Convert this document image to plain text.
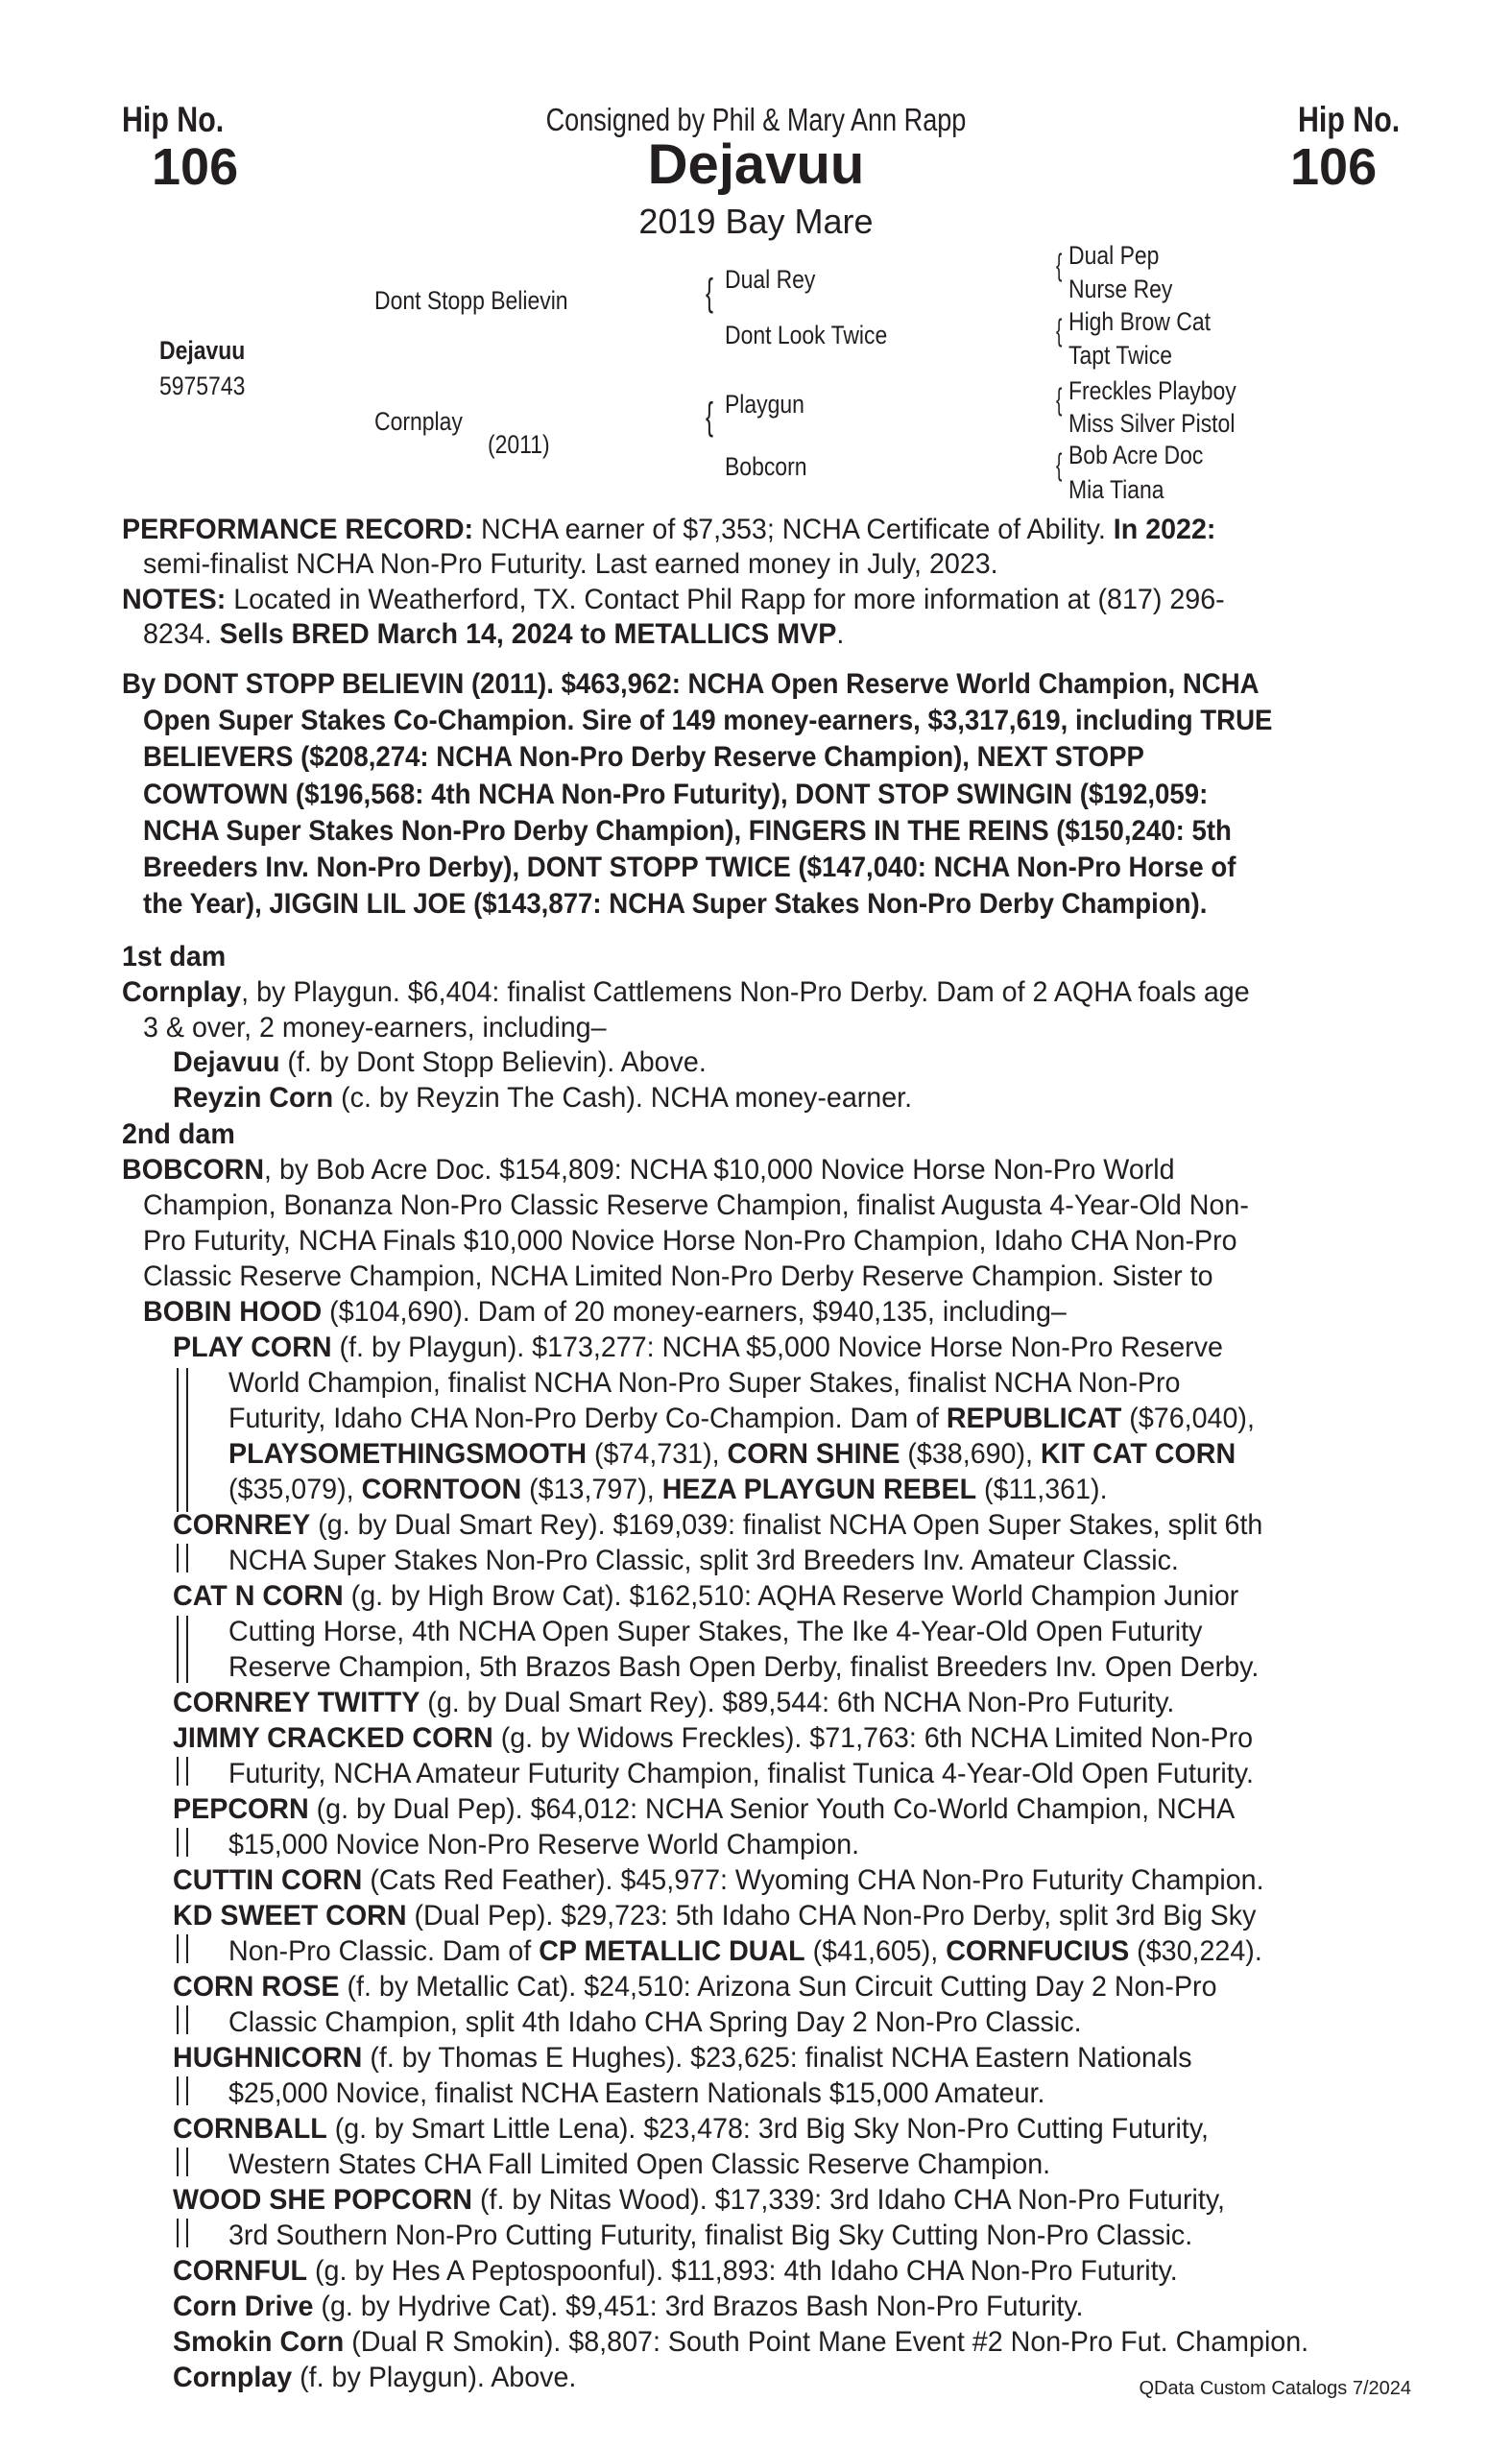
Hip No.
106
Hip No.
106
Consigned by Phil & Mary Ann Rapp
Dejavuu
2019 Bay Mare
Dejavuu
5975743
Dont Stopp Believin
Cornplay
(2011)
{ Dual Rey
Dont Look Twice
{ Playgun
Bobcorn
{ Dual Pep
Nurse Rey
{ High Brow Cat
Tapt Twice
{ Freckles Playboy
Miss Silver Pistol
{ Bob Acre Doc
Mia Tiana
PERFORMANCE RECORD: NCHA earner of $7,353; NCHA Certificate of Ability. In 2022:
semi-finalist NCHA Non-Pro Futurity. Last earned money in July, 2023.
NOTES: Located in Weatherford, TX. Contact Phil Rapp for more information at (817) 296-
8234. Sells BRED March 14, 2024 to METALLICS MVP.
By DONT STOPP BELIEVIN (2011). $463,962: NCHA Open Reserve World Champion, NCHA
Open Super Stakes Co-Champion. Sire of 149 money-earners, $3,317,619, including TRUE
BELIEVERS ($208,274: NCHA Non-Pro Derby Reserve Champion), NEXT STOPP
COWTOWN ($196,568: 4th NCHA Non-Pro Futurity), DONT STOP SWINGIN ($192,059:
NCHA Super Stakes Non-Pro Derby Champion), FINGERS IN THE REINS ($150,240: 5th
Breeders Inv. Non-Pro Derby), DONT STOPP TWICE ($147,040: NCHA Non-Pro Horse of
the Year), JIGGIN LIL JOE ($143,877: NCHA Super Stakes Non-Pro Derby Champion).
1st dam
Cornplay, by Playgun. $6,404: finalist Cattlemens Non-Pro Derby. Dam of 2 AQHA foals age
3 & over, 2 money-earners, including–
Dejavuu (f. by Dont Stopp Believin). Above.
Reyzin Corn (c. by Reyzin The Cash). NCHA money-earner.
2nd dam
BOBCORN, by Bob Acre Doc. $154,809: NCHA $10,000 Novice Horse Non-Pro World
Champion, Bonanza Non-Pro Classic Reserve Champion, finalist Augusta 4-Year-Old Non-
Pro Futurity, NCHA Finals $10,000 Novice Horse Non-Pro Champion, Idaho CHA Non-Pro
Classic Reserve Champion, NCHA Limited Non-Pro Derby Reserve Champion. Sister to
BOBIN HOOD ($104,690). Dam of 20 money-earners, $940,135, including–
PLAY CORN (f. by Playgun). $173,277: NCHA $5,000 Novice Horse Non-Pro Reserve
World Champion, finalist NCHA Non-Pro Super Stakes, finalist NCHA Non-Pro
Futurity, Idaho CHA Non-Pro Derby Co-Champion. Dam of REPUBLICAT ($76,040),
PLAYSOMETHINGSMOOTH ($74,731), CORN SHINE ($38,690), KIT CAT CORN
($35,079), CORNTOON ($13,797), HEZA PLAYGUN REBEL ($11,361).
CORNREY (g. by Dual Smart Rey). $169,039: finalist NCHA Open Super Stakes, split 6th
NCHA Super Stakes Non-Pro Classic, split 3rd Breeders Inv. Amateur Classic.
CAT N CORN (g. by High Brow Cat). $162,510: AQHA Reserve World Champion Junior
Cutting Horse, 4th NCHA Open Super Stakes, The Ike 4-Year-Old Open Futurity
Reserve Champion, 5th Brazos Bash Open Derby, finalist Breeders Inv. Open Derby.
CORNREY TWITTY (g. by Dual Smart Rey). $89,544: 6th NCHA Non-Pro Futurity.
JIMMY CRACKED CORN (g. by Widows Freckles). $71,763: 6th NCHA Limited Non-Pro
Futurity, NCHA Amateur Futurity Champion, finalist Tunica 4-Year-Old Open Futurity.
PEPCORN (g. by Dual Pep). $64,012: NCHA Senior Youth Co-World Champion, NCHA
$15,000 Novice Non-Pro Reserve World Champion.
CUTTIN CORN (Cats Red Feather). $45,977: Wyoming CHA Non-Pro Futurity Champion.
KD SWEET CORN (Dual Pep). $29,723: 5th Idaho CHA Non-Pro Derby, split 3rd Big Sky
Non-Pro Classic. Dam of CP METALLIC DUAL ($41,605), CORNFUCIUS ($30,224).
CORN ROSE (f. by Metallic Cat). $24,510: Arizona Sun Circuit Cutting Day 2 Non-Pro
Classic Champion, split 4th Idaho CHA Spring Day 2 Non-Pro Classic.
HUGHNICORN (f. by Thomas E Hughes). $23,625: finalist NCHA Eastern Nationals
$25,000 Novice, finalist NCHA Eastern Nationals $15,000 Amateur.
CORNBALL (g. by Smart Little Lena). $23,478: 3rd Big Sky Non-Pro Cutting Futurity,
Western States CHA Fall Limited Open Classic Reserve Champion.
WOOD SHE POPCORN (f. by Nitas Wood). $17,339: 3rd Idaho CHA Non-Pro Futurity,
3rd Southern Non-Pro Cutting Futurity, finalist Big Sky Cutting Non-Pro Classic.
CORNFUL (g. by Hes A Peptospoonful). $11,893: 4th Idaho CHA Non-Pro Futurity.
Corn Drive (g. by Hydrive Cat). $9,451: 3rd Brazos Bash Non-Pro Futurity.
Smokin Corn (Dual R Smokin). $8,807: South Point Mane Event #2 Non-Pro Fut. Champion.
Cornplay (f. by Playgun). Above.	QData Custom Catalogs 7/2024
